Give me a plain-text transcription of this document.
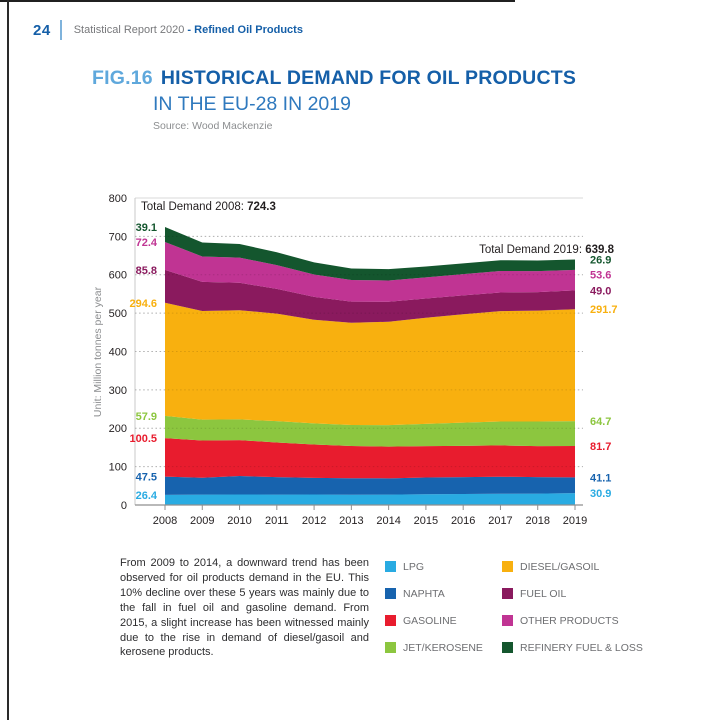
24 Statistical Report 2020 - Refined Oil Products
FIG.16 HISTORICAL DEMAND FOR OIL PRODUCTS
IN THE EU-28 IN 2019
Source: Wood Mackenzie
2008 2009 2010 2011 2012 2013 2014 2015 2016 2017 2018 2019
0
100
200
300
400
500
600
700
800
39.1
72.4
85.8
294.6
57.9
100.5
47.5
26.4
26.9
53.6
49.0
291.7
64.7
81.7
41.1
30.9
Total Demand 2008: 724.3
Total Demand 2019: 639.8
Unit: Million tonnes per year
From 2009 to 2014, a downward trend has been observed for oil products demand in the EU. This 10% decline over these 5 years was mainly due to the fall in fuel oil and gasoline demand. From 2015, a slight increase has been witnessed mainly due to the rise in demand of diesel/gasoil and kerosene products.
LPG
NAPHTA
GASOLINE
JET/KEROSENE
DIESEL/GASOIL
FUEL OIL
OTHER PRODUCTS
REFINERY FUEL & LOSS
